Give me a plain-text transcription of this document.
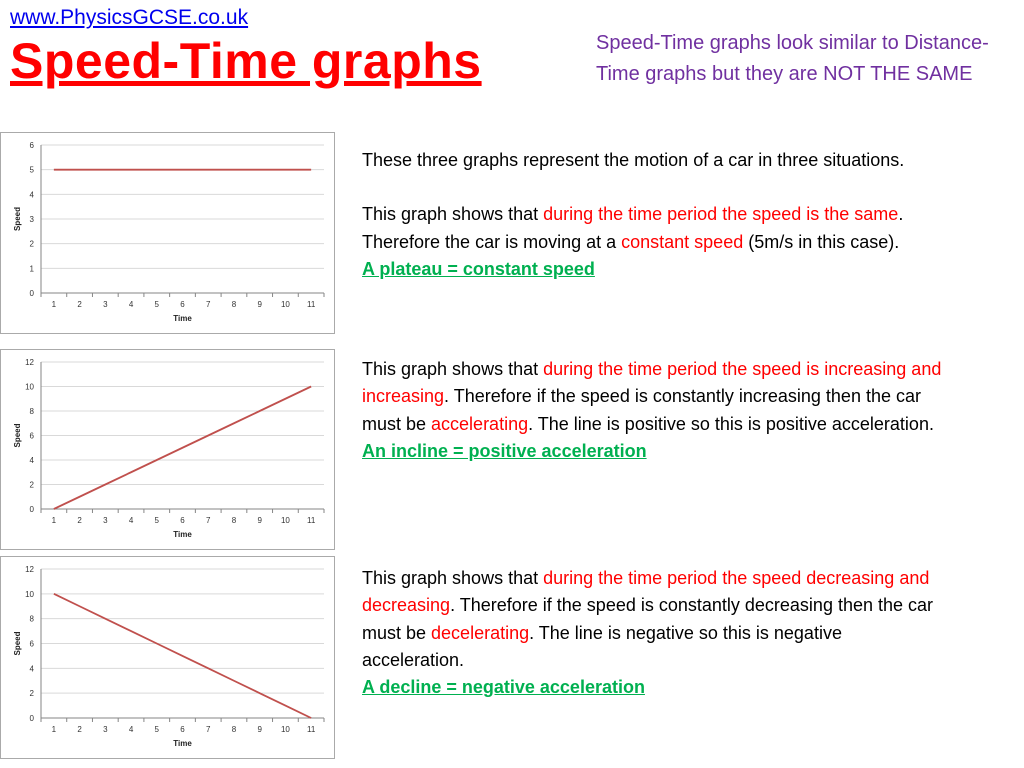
www.PhysicsGCSE.co.uk
Speed-Time graphs	Speed-Time graphs look similar to Distance-Time graphs but they are NOT THE SAME
0
1
2
3
4
5
6
1	2	3	4	5	6	7	8	9 10 11
Time
Speed
0
2
4
6
8
10
12
1	2	3	4	5	6	7	8	9 10 11
Time
Speed
0
2
4
6
8
10
12
1	2	3	4	5	6	7	8	9 10 11
Time
Speed

These three graphs represent the motion of a car in three situations.

This graph shows that during the time period the speed is the same. Therefore the car is moving at a constant speed (5m/s in this case).

A plateau = constant speed

This graph shows that during the time period the speed is increasing and increasing. Therefore if the speed is constantly increasing then the car must be accelerating. The line is positive so this is positive acceleration.

An incline = positive acceleration

This graph shows that during the time period the speed decreasing and decreasing. Therefore if the speed is constantly decreasing then the car must be decelerating. The line is negative so this is negative acceleration.

A decline = negative acceleration
